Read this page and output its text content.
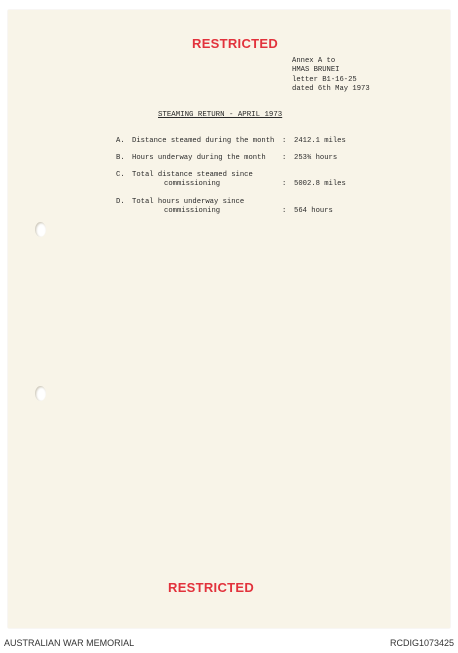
RESTRICTED
Annex A to
HMAS BRUNEI
letter B1-16-25
dated 6th May 1973
STEAMING RETURN - APRIL 1973
A.	Distance steamed during the month : 2412.1 miles
B.	Hours underway during the month : 253¾ hours
C.	Total distance steamed since
commissioning	: 5002.8 miles
D.	Total hours underway since
commissioning	: 564 hours
RESTRICTED
AUSTRALIAN WAR MEMORIAL	RCDIG1073425
